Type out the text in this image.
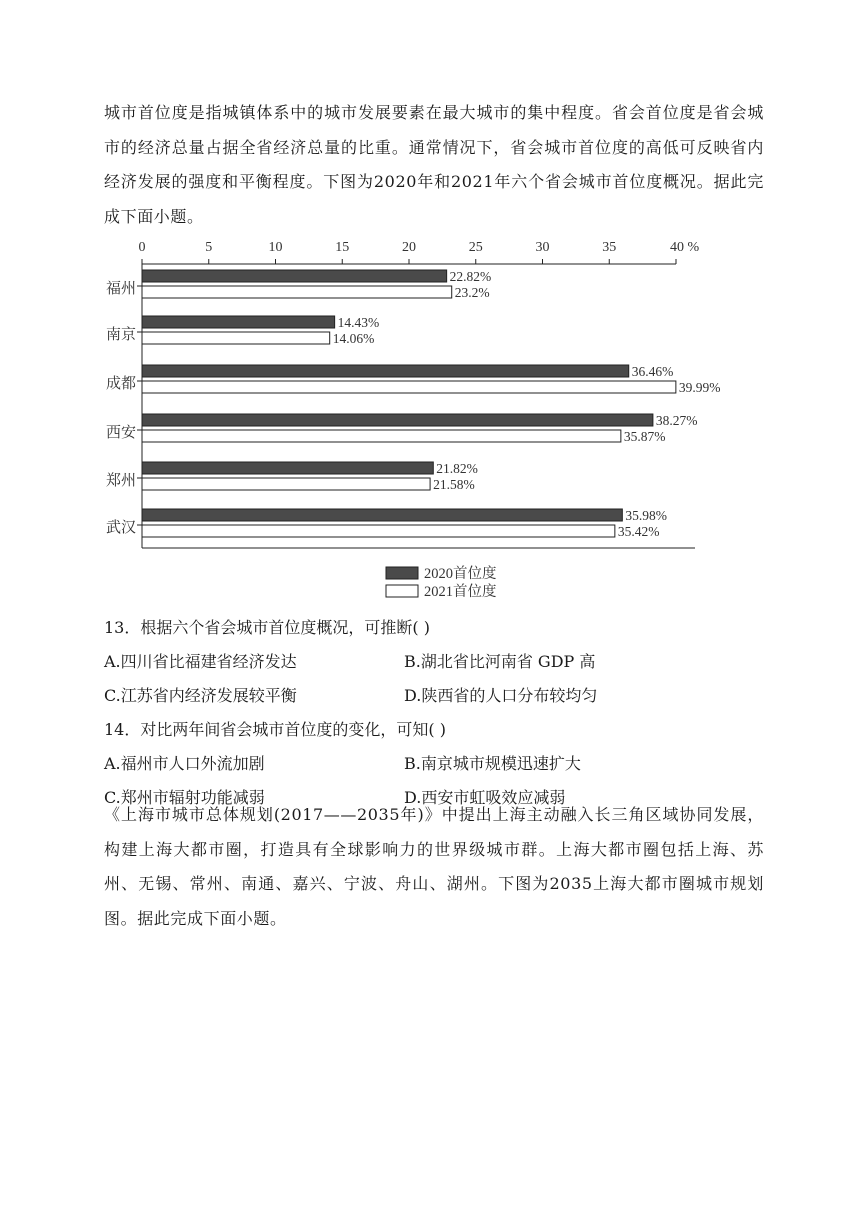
城市首位度是指城镇体系中的城市发展要素在最大城市的集中程度。省会首位度是省会城市的经济总量占据全省经济总量的比重。通常情况下，省会城市首位度的高低可反映省内经济发展的强度和平衡程度。下图为2020年和2021年六个省会城市首位度概况。据此完成下面小题。

0	5	10	15	20	25	30	35	40 %
福州
南京
成都
西安
郑州
武汉
22.82%
23.2%
14.43%
14.06%
36.46%
39.99%
38.27%
35.87%
21.82%
21.58%
35.98%
35.42%
2020首位度
2021首位度

13．根据六个省会城市首位度概况，可推断( )

A.四川省比福建省经济发达	B.湖北省比河南省 GDP 高

C.江苏省内经济发展较平衡	D.陕西省的人口分布较均匀

14．对比两年间省会城市首位度的变化，可知( )

A.福州市人口外流加剧	B.南京城市规模迅速扩大

C.郑州市辐射功能减弱	D.西安市虹吸效应减弱

《上海市城市总体规划(2017——2035年)》中提出上海主动融入长三角区域协同发展，构建上海大都市圈，打造具有全球影响力的世界级城市群。上海大都市圈包括上海、苏州、无锡、常州、南通、嘉兴、宁波、舟山、湖州。下图为2035上海大都市圈城市规划图。据此完成下面小题。
